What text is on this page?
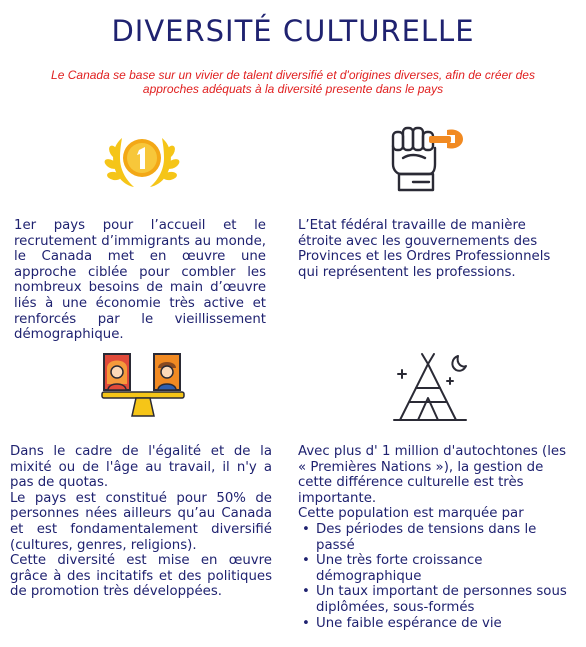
DIVERSITÉ CULTURELLE
Le Canada se base sur un vivier de talent diversifié et d'origines diverses, afin de créer des approches adéquats à la diversité presente dans le pays
1er pays pour l’accueil et le recrutement d’immigrants au monde, le Canada met en œuvre une approche ciblée pour combler les nombreux besoins de main d’œuvre liés à une économie très active et renforcés par le vieillissement démographique.
L’Etat fédéral travaille de manière étroite avec les gouvernements des Provinces et les Ordres Professionnels qui représentent les professions.

Dans le cadre de l'égalité et de la mixité ou de l'âge au travail, il n'y a pas de quotas.

Le pays est constitué pour 50% de personnes nées ailleurs qu’au Canada et est fondamentalement diversifié (cultures, genres, religions).

Cette diversité est mise en œuvre grâce à des incitatifs et des politiques de promotion très développées.

Avec plus d' 1 million d'autochtones (les « Premières Nations »), la gestion de cette différence culturelle est très importante.

Cette population est marquée par

• Des périodes de tensions dans le passé
• Une très forte croissance démographique
• Un taux important de personnes sous diplômées, sous-formés
• Une faible espérance de vie
